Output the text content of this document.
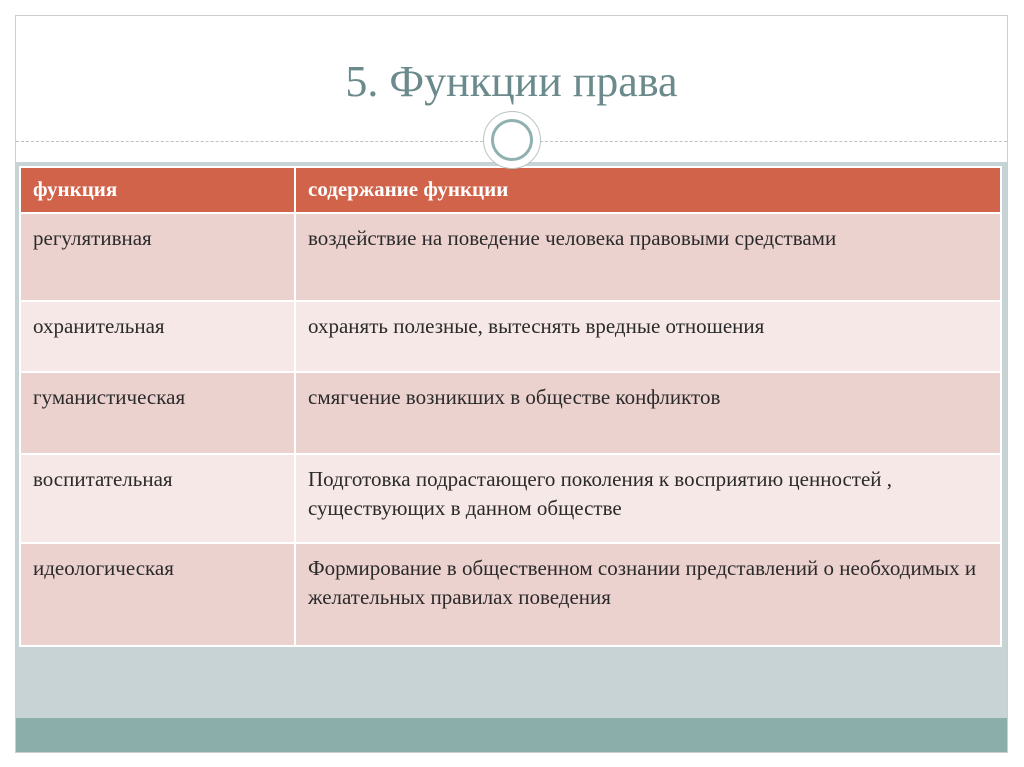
5. Функции права
функция	содержание функции
регулятивная	воздействие на поведение человека правовыми средствами
охранительная	охранять полезные, вытеснять вредные отношения
гуманистическая	смягчение возникших в обществе конфликтов
воспитательная	Подготовка подрастающего поколения к восприятию ценностей , существующих в данном обществе
идеологическая	Формирование в общественном сознании представлений о необходимых и желательных правилах поведения
